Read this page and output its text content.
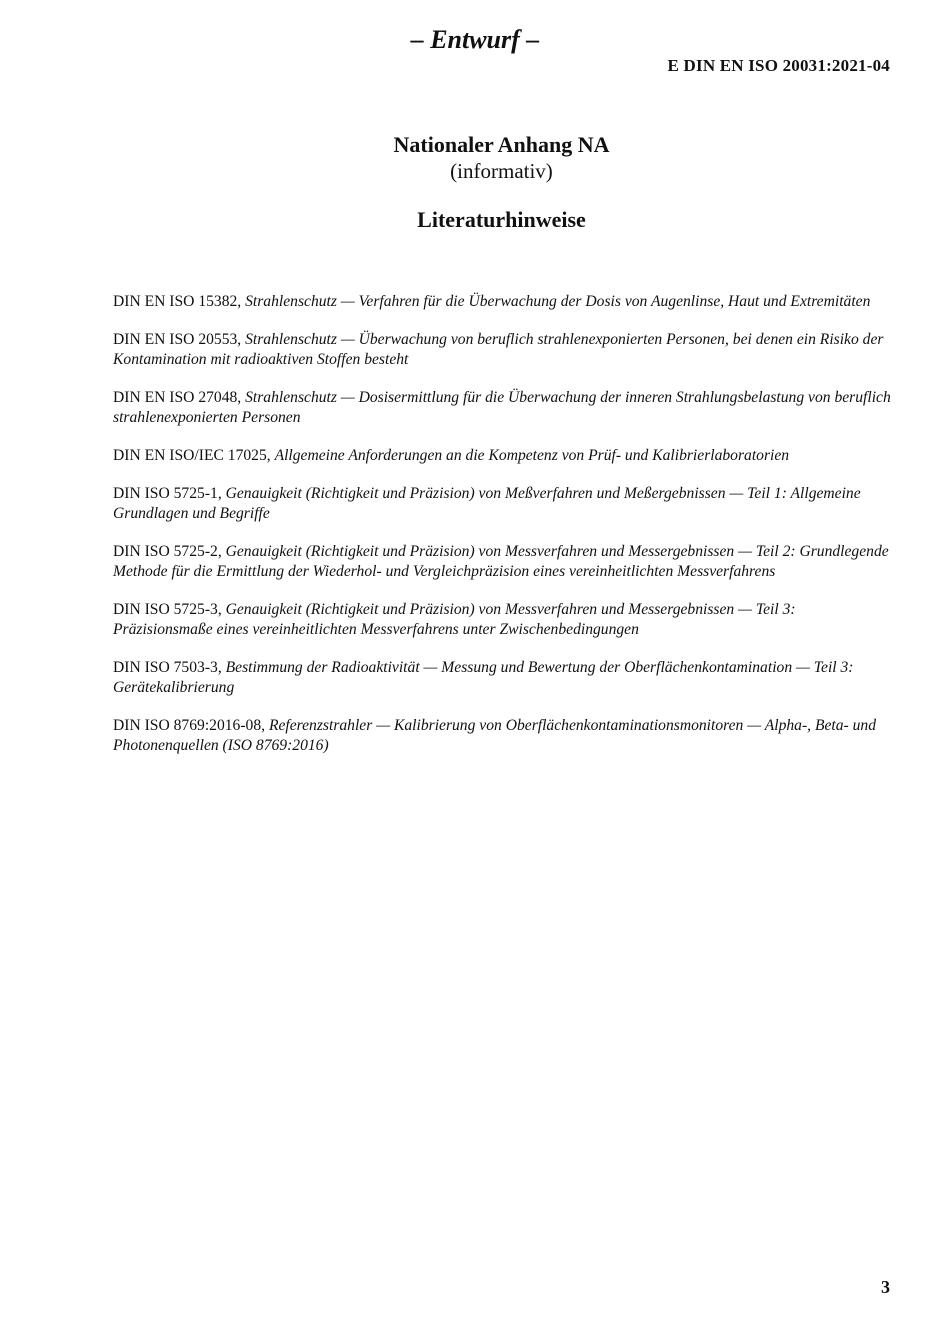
– Entwurf –
E DIN EN ISO 20031:2021-04
Nationaler Anhang NA
(informativ)
Literaturhinweise
DIN EN ISO 15382, Strahlenschutz — Verfahren für die Überwachung der Dosis von Augenlinse, Haut und Extremitäten
DIN EN ISO 20553, Strahlenschutz — Überwachung von beruflich strahlenexponierten Personen, bei denen ein Risiko der Kontamination mit radioaktiven Stoffen besteht
DIN EN ISO 27048, Strahlenschutz — Dosisermittlung für die Überwachung der inneren Strahlungsbelastung von beruflich strahlenexponierten Personen
DIN EN ISO/IEC 17025, Allgemeine Anforderungen an die Kompetenz von Prüf- und Kalibrierlaboratorien
DIN ISO 5725-1, Genauigkeit (Richtigkeit und Präzision) von Meßverfahren und Meßergebnissen — Teil 1: Allgemeine Grundlagen und Begriffe
DIN ISO 5725-2, Genauigkeit (Richtigkeit und Präzision) von Messverfahren und Messergebnissen — Teil 2: Grundlegende Methode für die Ermittlung der Wiederhol- und Vergleichpräzision eines vereinheitlichten Messverfahrens
DIN ISO 5725-3, Genauigkeit (Richtigkeit und Präzision) von Messverfahren und Messergebnissen — Teil 3: Präzisionsmaße eines vereinheitlichten Messverfahrens unter Zwischenbedingungen
DIN ISO 7503-3, Bestimmung der Radioaktivität — Messung und Bewertung der Oberflächenkontamination — Teil 3: Gerätekalibrierung
DIN ISO 8769:2016-08, Referenzstrahler — Kalibrierung von Oberflächenkontaminationsmonitoren — Alpha-, Beta- und Photonenquellen (ISO 8769:2016)
3
